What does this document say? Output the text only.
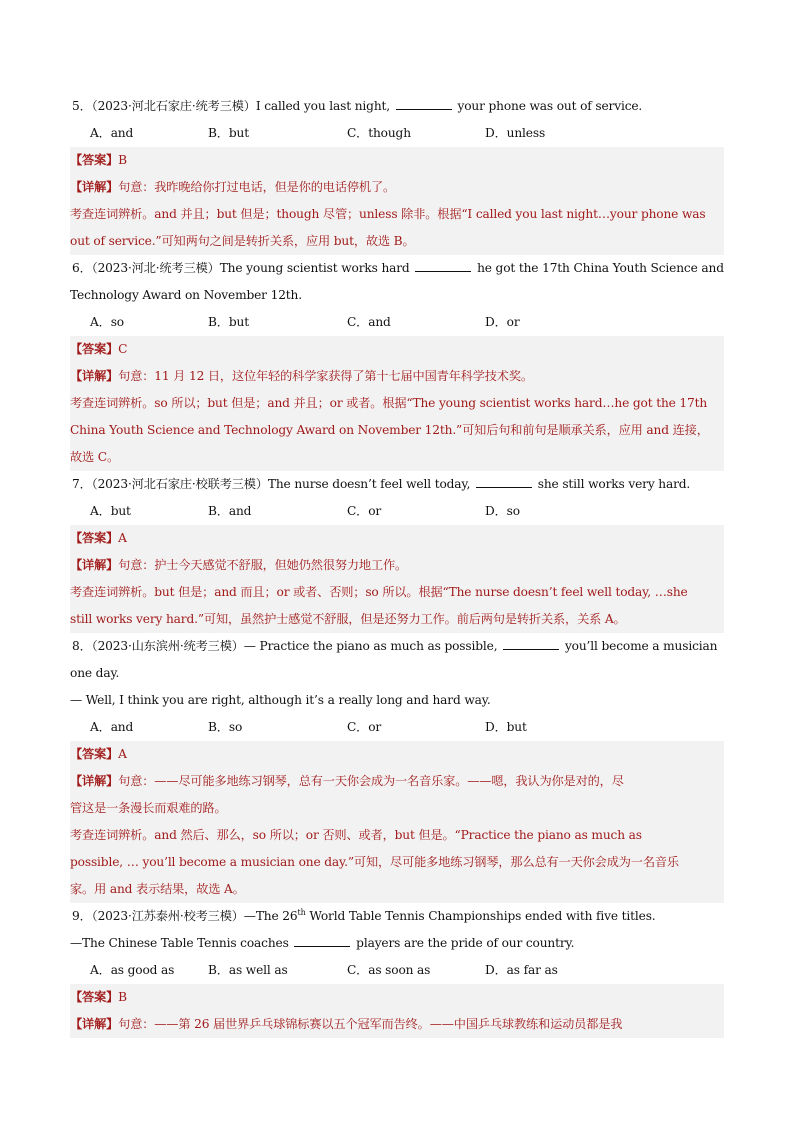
5．（2023·河北石家庄·统考三模）I called you last night,	your phone was out of service.
A．and	B．but	C．though	D．unless
【答案】B
【详解】句意：我昨晚给你打过电话，但是你的电话停机了。
考查连词辨析。and 并且；but 但是；though 尽管；unless 除非。根据“I called you last night…your phone was
out of service.”可知两句之间是转折关系，应用 but，故选 B。
6．（2023·河北·统考三模）The young scientist works hard	he got the 17th China Youth Science and
Technology Award on November 12th.
A．so	B．but	C．and	D．or
【答案】C
【详解】句意：11 月 12 日，这位年轻的科学家获得了第十七届中国青年科学技术奖。
考查连词辨析。so 所以；but 但是；and 并且；or 或者。根据“The young scientist works hard…he got the 17th
China Youth Science and Technology Award on November 12th.”可知后句和前句是顺承关系，应用 and 连接，
故选 C。
7．（2023·河北石家庄·校联考三模）The nurse doesn’t feel well today,	she still works very hard.
A．but	B．and	C．or	D．so
【答案】A
【详解】句意：护士今天感觉不舒服，但她仍然很努力地工作。
考查连词辨析。but 但是；and 而且；or 或者、否则；so 所以。根据“The nurse doesn’t feel well today, …she
still works very hard.”可知，虽然护士感觉不舒服，但是还努力工作。前后两句是转折关系，关系 A。
8．（2023·山东滨州·统考三模）— Practice the piano as much as possible,	you’ll become a musician
one day.
— Well, I think you are right, although it’s a really long and hard way.
A．and	B．so	C．or	D．but
【答案】A
【详解】句意：——尽可能多地练习钢琴，总有一天你会成为一名音乐家。——嗯，我认为你是对的，尽
管这是一条漫长而艰难的路。
考查连词辨析。and 然后、那么，so 所以；or 否则、或者，but 但是。“Practice the piano as much as
possible, … you’ll become a musician one day.”可知，尽可能多地练习钢琴，那么总有一天你会成为一名音乐
家。用 and 表示结果，故选 A。
9．（2023·江苏泰州·校考三模）—The 26th World Table Tennis Championships ended with five titles.
—The Chinese Table Tennis coaches	players are the pride of our country.
A．as good as	B．as well as	C．as soon as	D．as far as
【答案】B
【详解】句意：——第 26 届世界乒乓球锦标赛以五个冠军而告终。——中国乒乓球教练和运动员都是我
